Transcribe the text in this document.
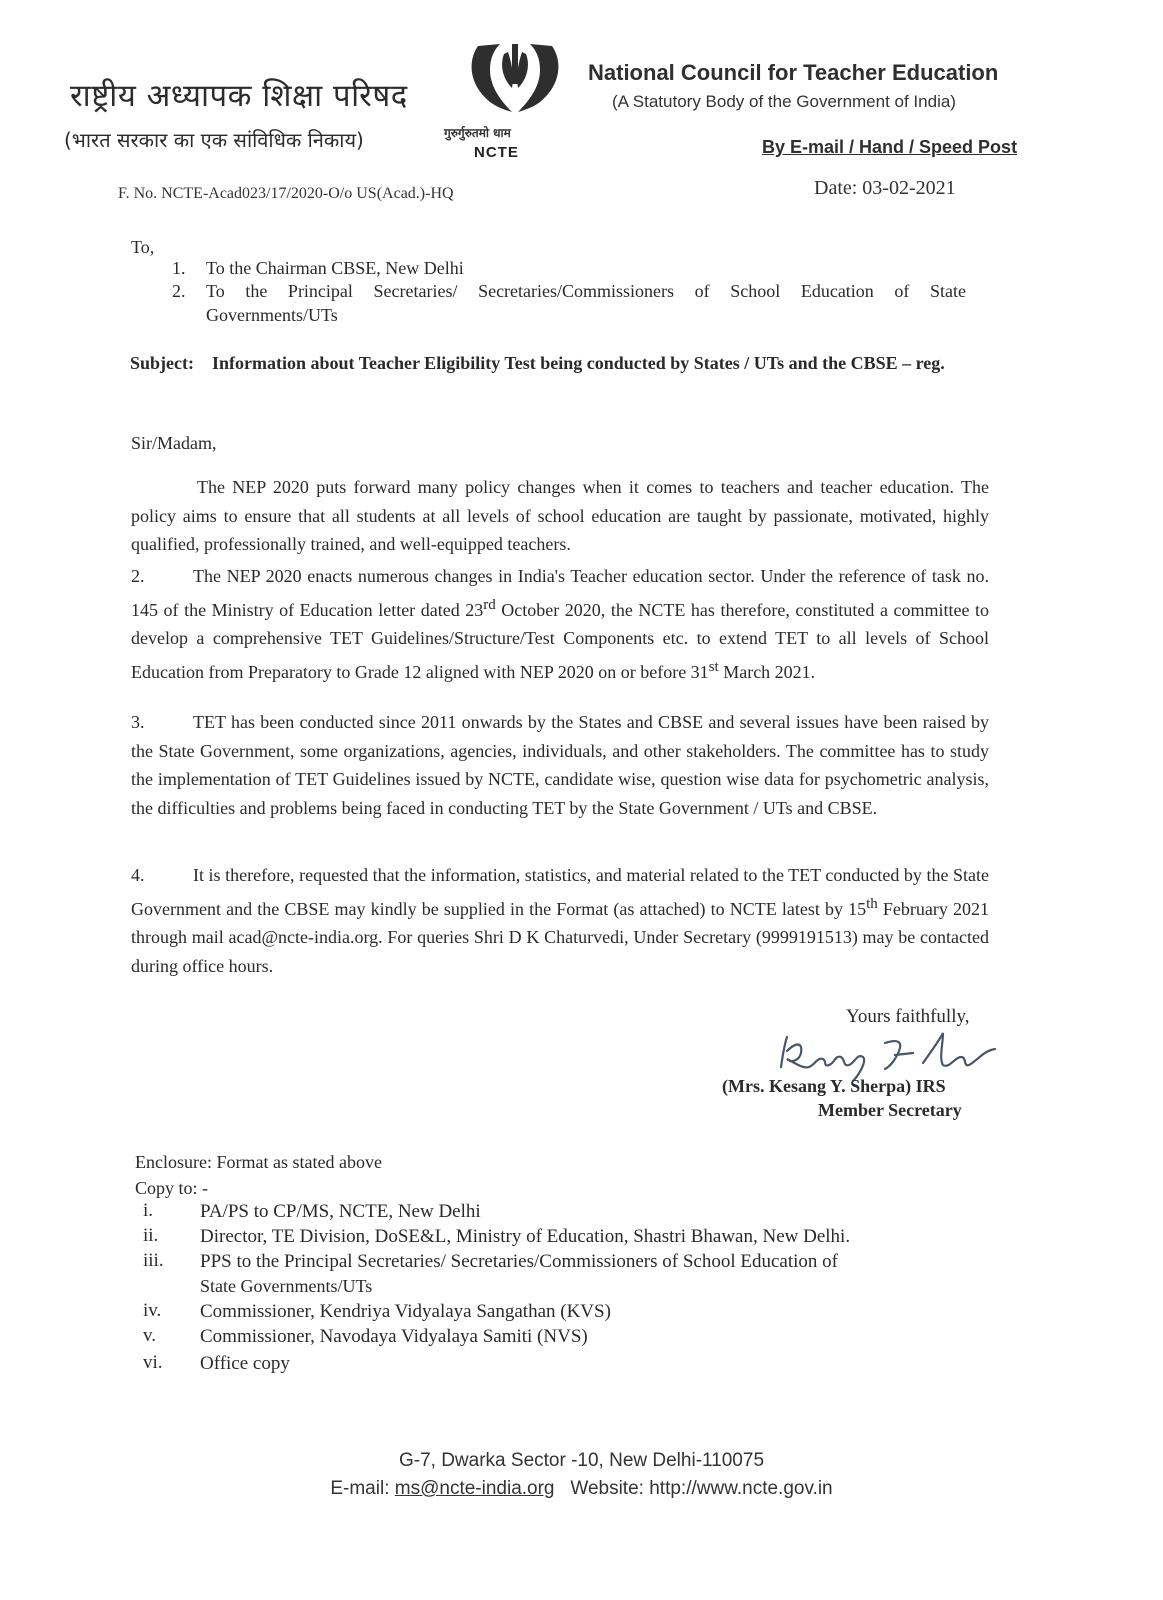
राष्ट्रीय अध्यापक शिक्षा परिषद
(भारत सरकार का एक सांविधिक निकाय)	गुरुर्गुरुतमो धाम
NCTE
National Council for Teacher Education
(A Statutory Body of the Government of India)
By E-mail / Hand / Speed Post
F. No. NCTE-Acad023/17/2020-O/o US(Acad.)-HQ	Date: 03-02-2021
To,
1. To the Chairman CBSE, New Delhi
2. To the Principal Secretaries/ Secretaries/Commissioners of School Education of State
Governments/UTs
Subject: Information about Teacher Eligibility Test being conducted by States / UTs and the CBSE – reg.
Sir/Madam,
The NEP 2020 puts forward many policy changes when it comes to teachers and teacher education. The policy aims to ensure that all students at all levels of school education are taught by passionate, motivated, highly qualified, professionally trained, and well-equipped teachers.
2.	The NEP 2020 enacts numerous changes in India's Teacher education sector. Under the reference of task no. 145 of the Ministry of Education letter dated 23rd October 2020, the NCTE has therefore, constituted a committee to develop a comprehensive TET Guidelines/Structure/Test Components etc. to extend TET to all levels of School Education from Preparatory to Grade 12 aligned with NEP 2020 on or before 31st March 2021.
3.	TET has been conducted since 2011 onwards by the States and CBSE and several issues have been raised by the State Government, some organizations, agencies, individuals, and other stakeholders. The committee has to study the implementation of TET Guidelines issued by NCTE, candidate wise, question wise data for psychometric analysis, the difficulties and problems being faced in conducting TET by the State Government / UTs and CBSE.
4.	It is therefore, requested that the information, statistics, and material related to the TET conducted by the State Government and the CBSE may kindly be supplied in the Format (as attached) to NCTE latest by 15th February 2021 through mail acad@ncte-india.org. For queries Shri D K Chaturvedi, Under Secretary (9999191513) may be contacted during office hours.
Yours faithfully,
(Mrs. Kesang Y. Sherpa) IRS
Member Secretary
Enclosure: Format as stated above
Copy to: -
i.	PA/PS to CP/MS, NCTE, New Delhi
ii.	Director, TE Division, DoSE&L, Ministry of Education, Shastri Bhawan, New Delhi.
iii.	PPS to the Principal Secretaries/ Secretaries/Commissioners of School Education of
State Governments/UTs
iv.	Commissioner, Kendriya Vidyalaya Sangathan (KVS)
v.	Commissioner, Navodaya Vidyalaya Samiti (NVS)
vi.	Office copy
G-7, Dwarka Sector -10, New Delhi-110075
E-mail: ms@ncte-india.org Website: http://www.ncte.gov.in
